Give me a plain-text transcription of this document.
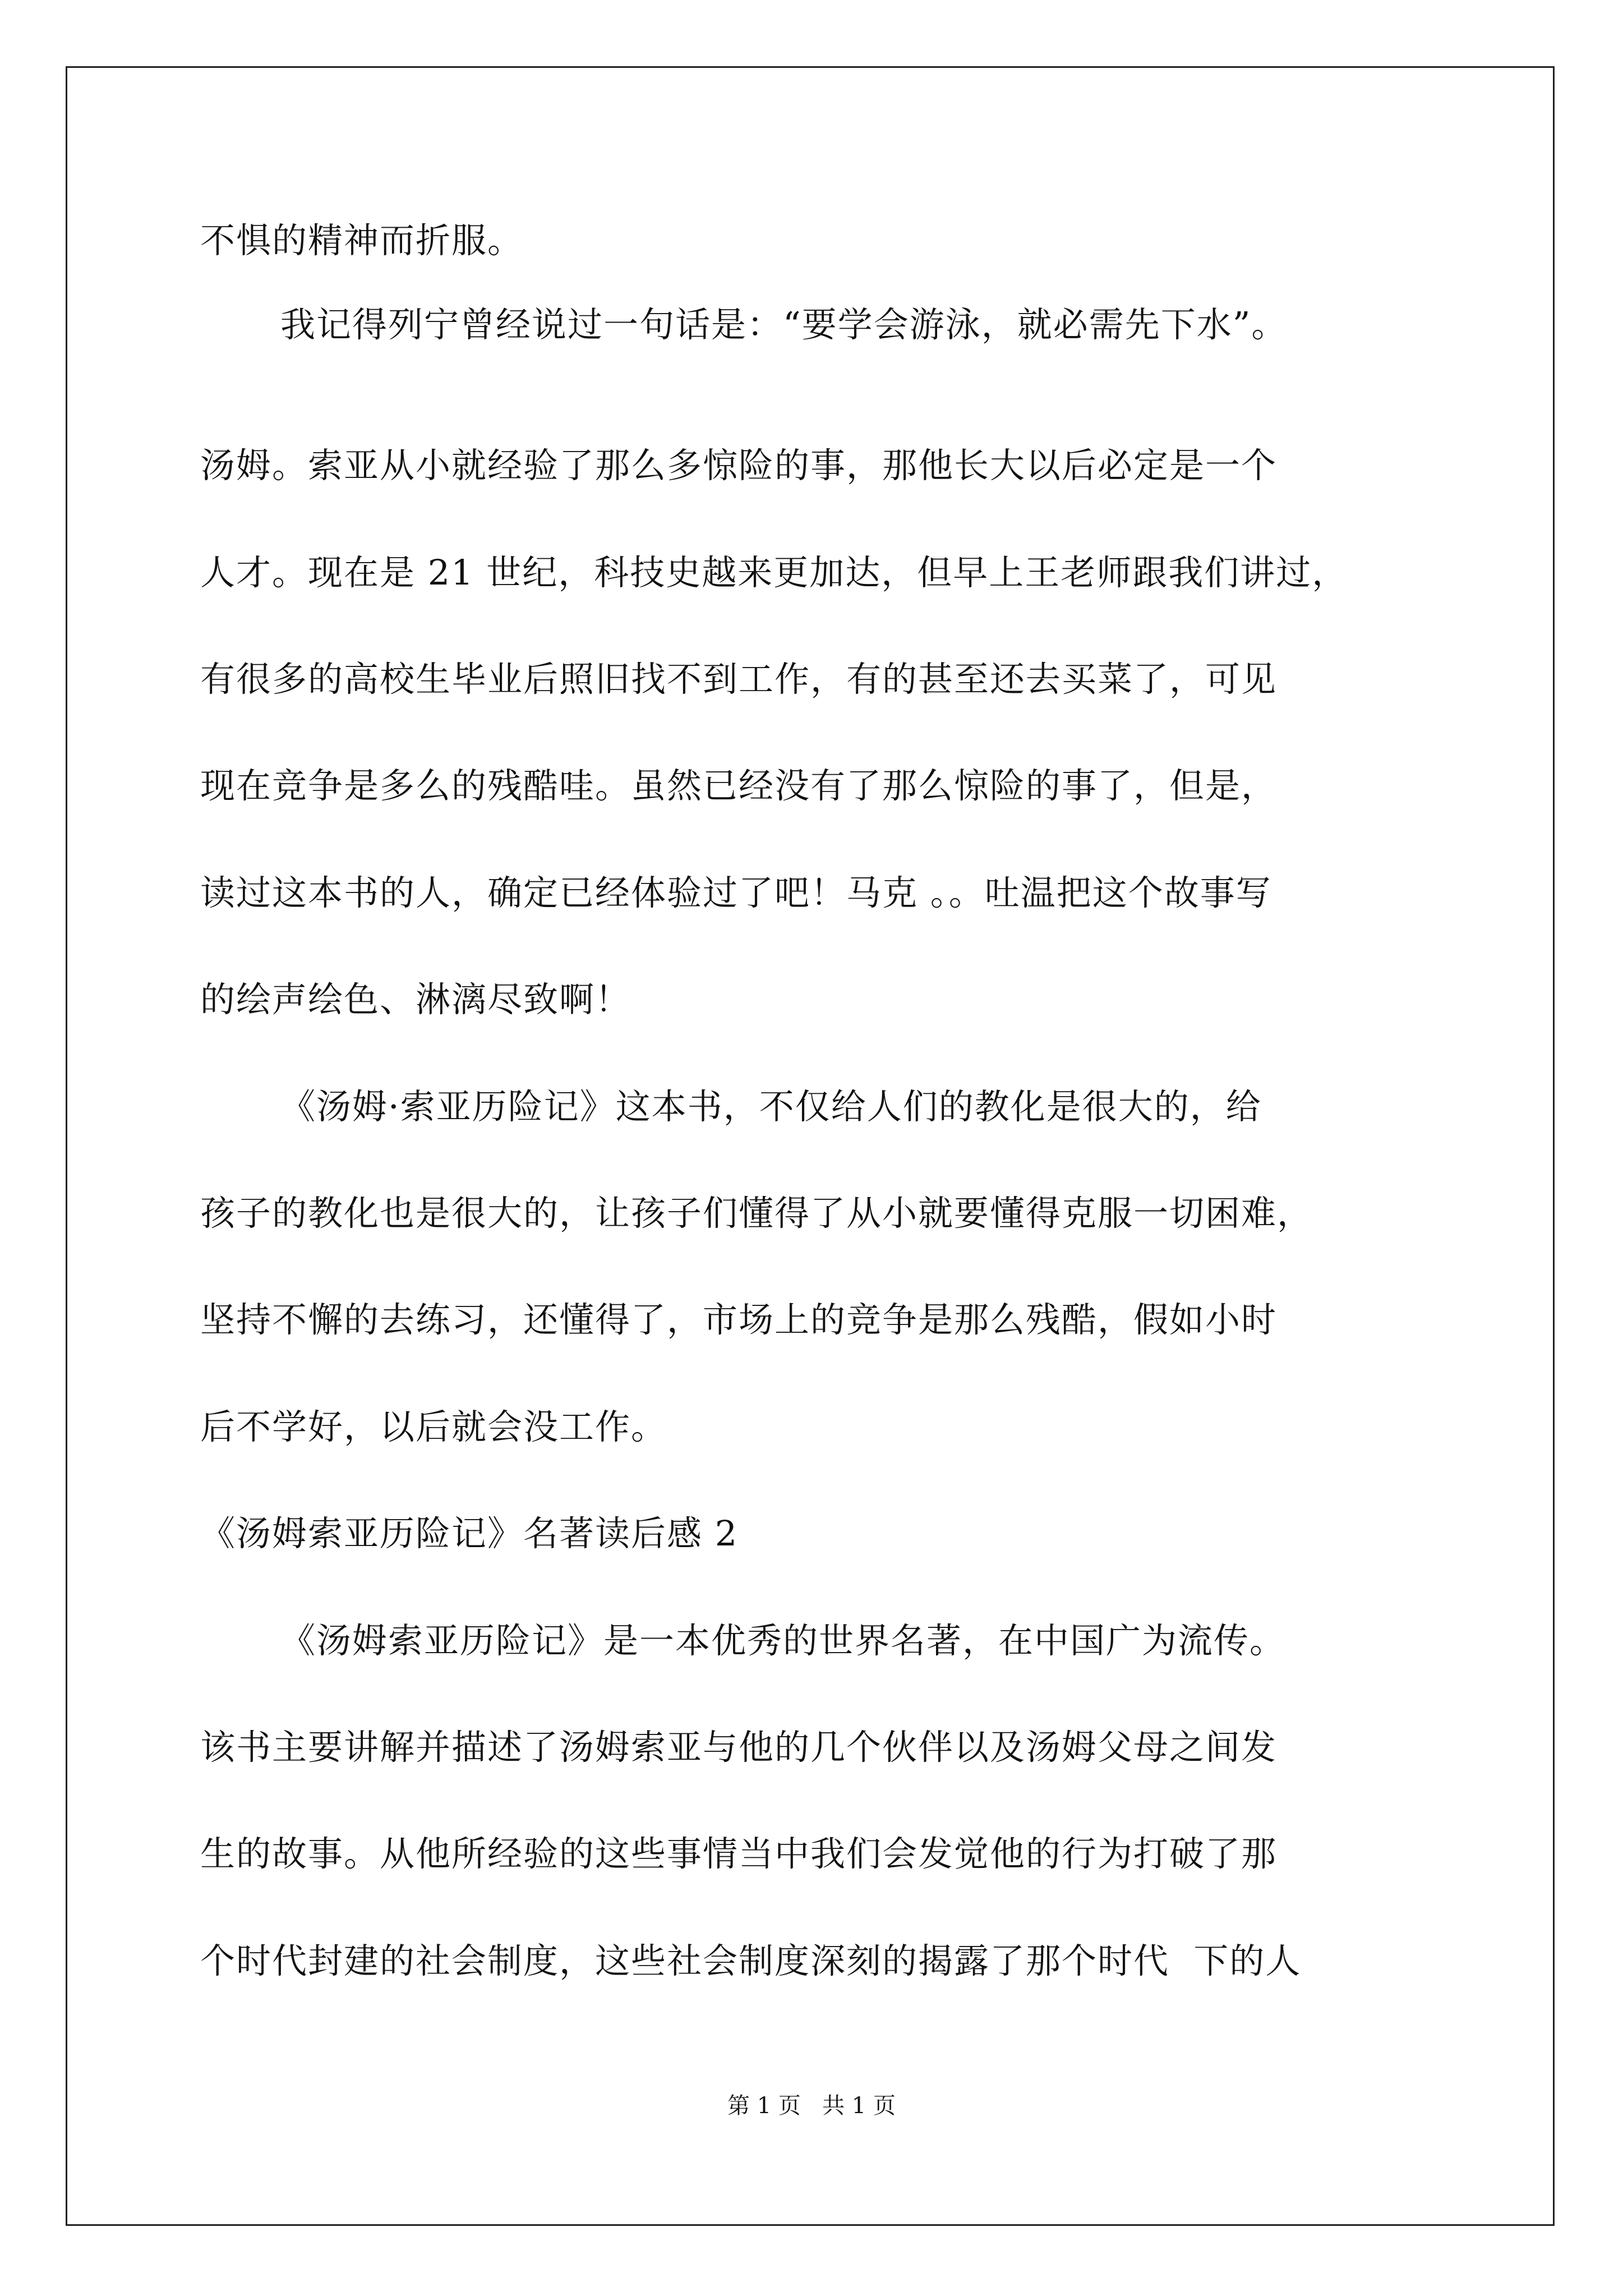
不惧的精神而折服。
我记得列宁曾经说过一句话是：“要学会游泳，就必需先下水”。
汤姆。索亚从小就经验了那么多惊险的事，那他长大以后必定是一个
人才。现在是 21 世纪，科技史越来更加达，但早上王老师跟我们讲过，
有很多的高校生毕业后照旧找不到工作，有的甚至还去买菜了，可见
现在竞争是多么的残酷哇。虽然已经没有了那么惊险的事了，但是，
读过这本书的人，确定已经体验过了吧！马克 。。吐温把这个故事写
的绘声绘色、淋漓尽致啊！
《汤姆·索亚历险记》这本书，不仅给人们的教化是很大的，给
孩子的教化也是很大的，让孩子们懂得了从小就要懂得克服一切困难，
坚持不懈的去练习，还懂得了，市场上的竞争是那么残酷，假如小时
后不学好，以后就会没工作。
《汤姆索亚历险记》名著读后感 2
《汤姆索亚历险记》是一本优秀的世界名著，在中国广为流传。
该书主要讲解并描述了汤姆索亚与他的几个伙伴以及汤姆父母之间发
生的故事。从他所经验的这些事情当中我们会发觉他的行为打破了那
个时代封建的社会制度，这些社会制度深刻的揭露了那个时代  下的人
第 1 页   共 1 页
